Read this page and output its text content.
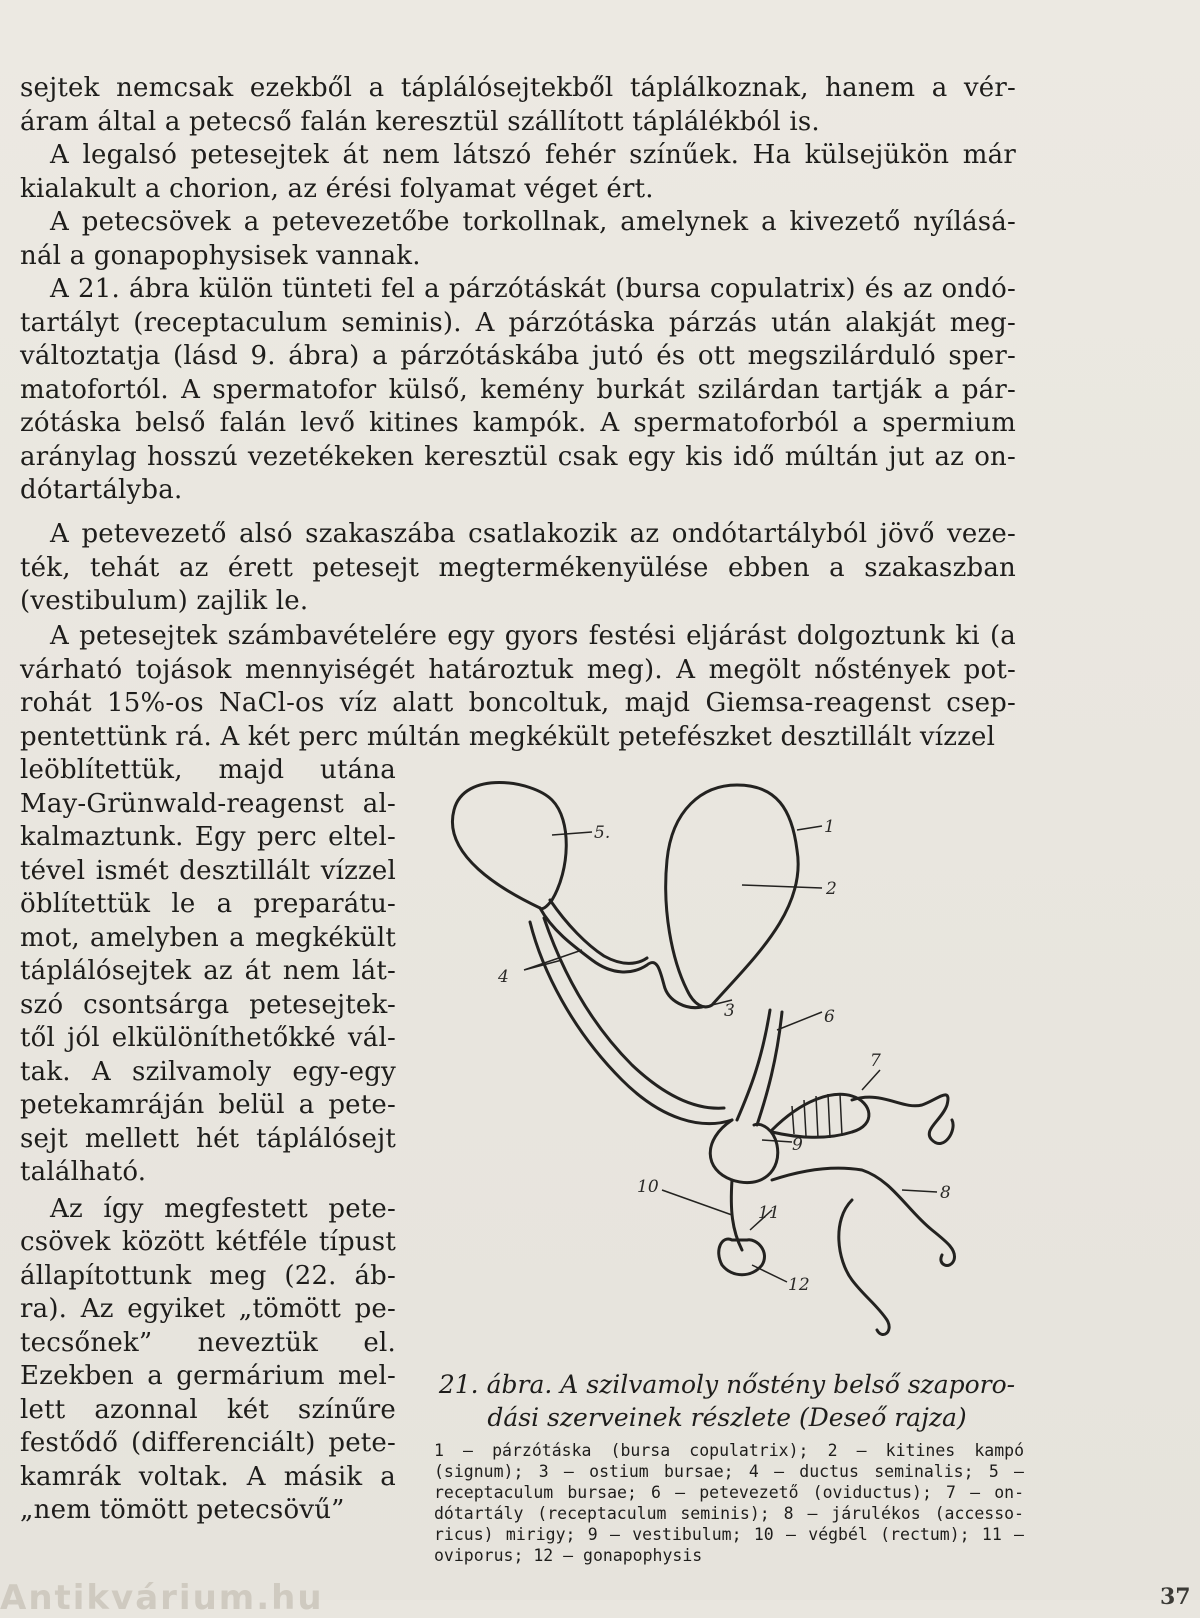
sejtek nemcsak ezekből a táplálósejtekből táplálkoznak, hanem a vér-áram által a petecső falán keresztül szállított táplálékból is.

A legalsó petesejtek át nem látszó fehér színűek. Ha külsejükön már kialakult a chorion, az érési folyamat véget ért.

A petecsövek a petevezetőbe torkollnak, amelynek a kivezető nyílásá-nál a gonapophysisek vannak.

A 21. ábra külön tünteti fel a párzótáskát (bursa copulatrix) és az ondó-tartályt (receptaculum seminis). A párzótáska párzás után alakját meg-változtatja (lásd 9. ábra) a párzótáskába jutó és ott megszilárduló sper-matofortól. A spermatofor külső, kemény burkát szilárdan tartják a pár-zótáska belső falán levő kitines kampók. A spermatoforból a spermium aránylag hosszú vezetékeken keresztül csak egy kis idő múltán jut az on-dótartályba.

A petevezető alsó szakaszába csatlakozik az ondótartályból jövő veze-ték, tehát az érett petesejt megtermékenyülése ebben a szakaszban (vestibulum) zajlik le.

A petesejtek számbavételére egy gyors festési eljárást dolgoztunk ki (a várható tojások mennyiségét határoztuk meg). A megölt nőstények pot-rohát 15%-os NaCl-os víz alatt boncoltuk, majd Giemsa-reagenst csep-pentettünk rá. A két perc múltán megkékült petefészket desztillált vízzel

leöblítettük, majd utána May-Grünwald-reagenst al-kalmaztunk. Egy perc eltel-tével ismét desztillált vízzel öblítettük le a preparátu-mot, amelyben a megkékült táplálósejtek az át nem lát-szó csontsárga petesejtek-től jól elkülöníthetőkké vál-tak. A szilvamoly egy-egy petekamráján belül a pete-sejt mellett hét táplálósejt található.

Az így megfestett pete-csövek között kétféle típust állapítottunk meg (22. áb-ra). Az egyiket „tömött pe-tecsőnek” neveztük el. Ezekben a germárium mel-lett azonnal két színűre festődő (differenciált) pete-kamrák voltak. A másik a „nem tömött petecsövű”

5.	1
2
3
4
6
7
8
9
10
11
12

21. ábra. A szilvamoly nőstény belső szaporo-dási szerveinek részlete (Deseő rajza)

1 — párzótáska (bursa copulatrix); 2 — kitines kampó (signum); 3 — ostium bursae; 4 — ductus seminalis; 5 — receptaculum bursae; 6 — petevezető (oviductus); 7 — on-dótartály (receptaculum seminis); 8 — járulékos (accesso-ricus) mirigy; 9 — vestibulum; 10 — végbél (rectum); 11 — oviporus; 12 — gonapophysis

Antikvárium.hu	37
